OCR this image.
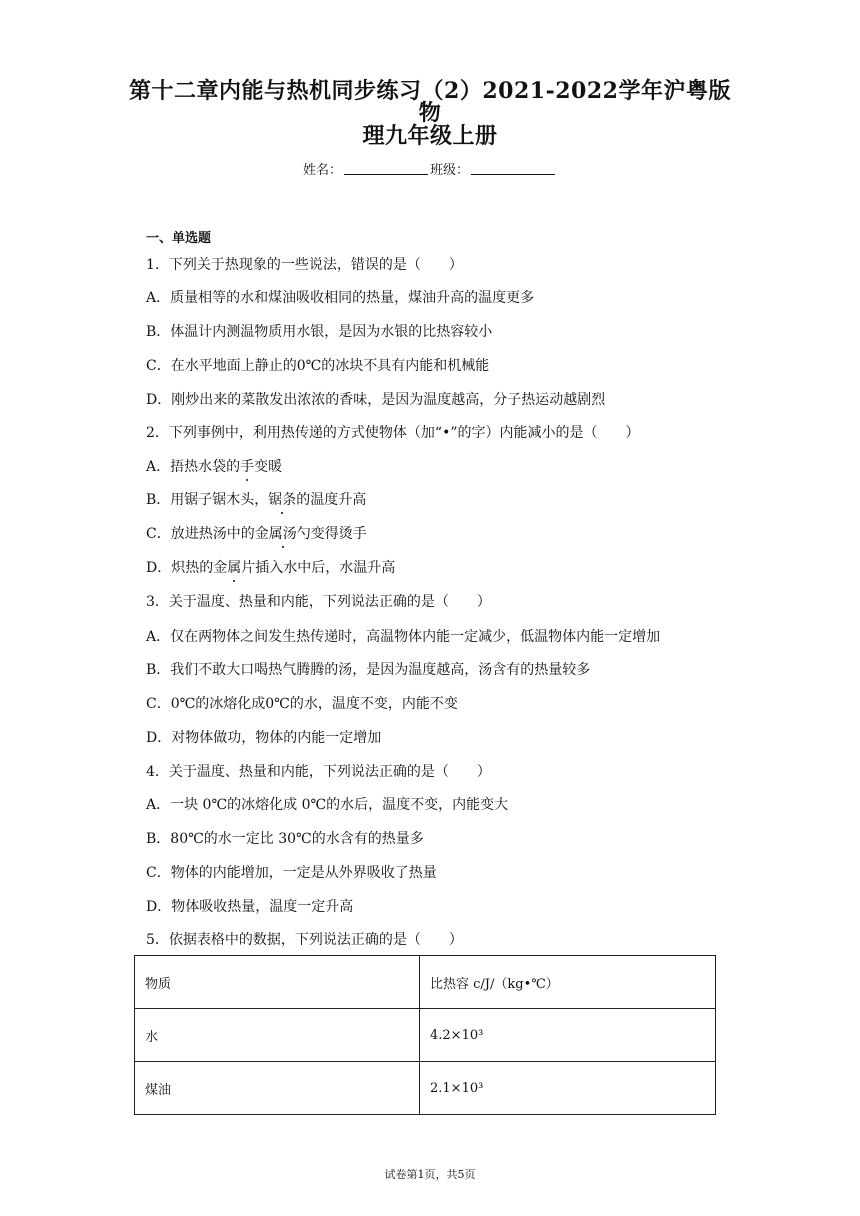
第十二章内能与热机同步练习（2）2021-2022学年沪粤版物
理九年级上册
姓名：	班级：
一、单选题
1．下列关于热现象的一些说法，错误的是（　　）
A．质量相等的水和煤油吸收相同的热量，煤油升高的温度更多
B．体温计内测温物质用水银，是因为水银的比热容较小
C．在水平地面上静止的0℃的冰块不具有内能和机械能
D．刚炒出来的菜散发出浓浓的香味，是因为温度越高，分子热运动越剧烈
2．下列事例中，利用热传递的方式使物体（加“•”的字）内能减小的是（　　）
A．捂热水袋的手变暖
B．用锯子锯木头，锯条的温度升高
C．放进热汤中的金属汤勺变得烫手
D．炽热的金属片插入水中后，水温升高
3．关于温度、热量和内能，下列说法正确的是（　　）
A．仅在两物体之间发生热传递时，高温物体内能一定减少，低温物体内能一定增加
B．我们不敢大口喝热气腾腾的汤，是因为温度越高，汤含有的热量较多
C．0℃的冰熔化成0℃的水，温度不变，内能不变
D．对物体做功，物体的内能一定增加
4．关于温度、热量和内能，下列说法正确的是（　　）
A．一块 0℃的冰熔化成 0℃的水后，温度不变，内能变大
B．80℃的水一定比 30℃的水含有的热量多
C．物体的内能增加，一定是从外界吸收了热量
D．物体吸收热量，温度一定升高
5．依据表格中的数据，下列说法正确的是（　　）
物质	比热容 c/J/（kg•℃）
水	4.2×10³
煤油	2.1×10³
试卷第1页，共5页
